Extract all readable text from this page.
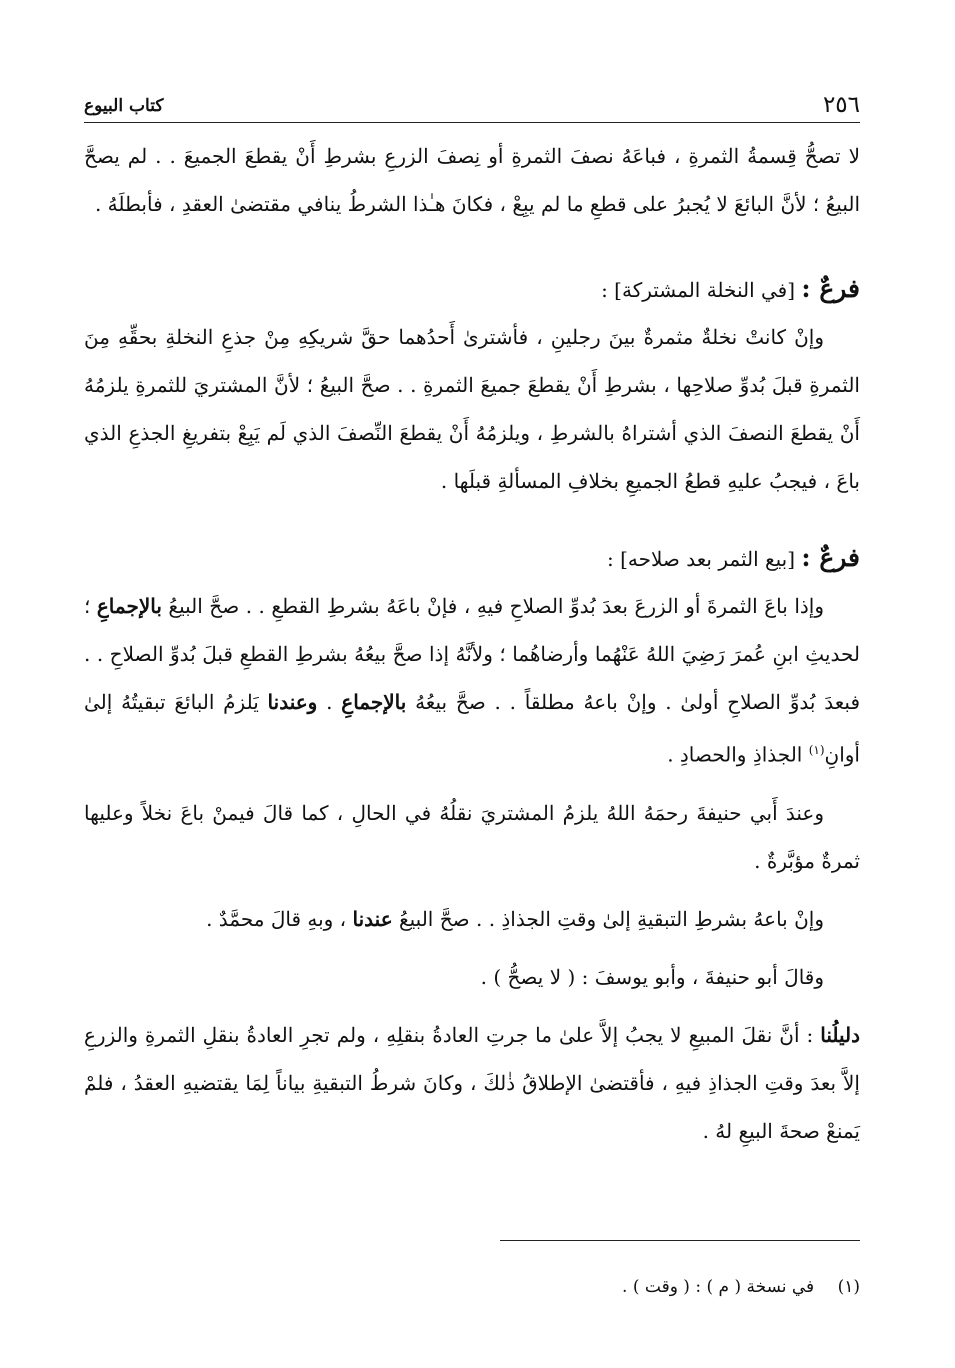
٢٥٦
كتاب البيوع

لا تصحُّ قِسمةُ الثمرةِ ، فباعَهُ نصفَ الثمرةِ أو نِصفَ الزرعِ بشرطِ أَنْ يقطعَ الجميعَ . . لم يصحَّ البيعُ ؛ لأنَّ البائعَ لا يُجبرُ على قطعِ ما لم يبِعْ ، فكانَ هـٰذا الشرطُ ينافي مقتضىٰ العقدِ ، فأبطلَهُ .

فرعٌ : [في النخلة المشتركة] :

وإنْ كانتْ نخلةٌ مثمرةٌ بينَ رجلينِ ، فأشترىٰ أَحدُهما حقَّ شريكِهِ مِنْ جذعِ النخلةِ بحقِّهِ مِنَ الثمرةِ قبلَ بُدوِّ صلاحِها ، بشرطِ أَنْ يقطعَ جميعَ الثمرةِ . . صحَّ البيعُ ؛ لأنَّ المشتريَ للثمرةِ يلزمُهُ أَنْ يقطعَ النصفَ الذي أشتراهُ بالشرطِ ، ويلزمُهُ أَنْ يقطعَ النِّصفَ الذي لَم يَبِعْ بتفريغِ الجذعِ الذي باعَ ، فيجبُ عليهِ قطعُ الجميعِ بخلافِ المسألةِ قبلَها .

فرعٌ : [بيع الثمر بعد صلاحه] :

وإذا باعَ الثمرةَ أو الزرعَ بعدَ بُدوِّ الصلاحِ فيهِ ، فإنْ باعَهُ بشرطِ القطعِ . . صحَّ البيعُ بالإجماعِ ؛ لحديثِ ابنِ عُمرَ رَضِيَ اللهُ عَنْهُما وأرضاهُما ؛ ولأنَّهُ إذا صحَّ بيعُهُ بشرطِ القطعِ قبلَ بُدوِّ الصلاحِ . . فبعدَ بُدوِّ الصلاحِ أولىٰ . وإنْ باعهُ مطلقاً . . صحَّ بيعُهُ بالإجماعِ . وعندنا يَلزمُ البائعَ تبقيتُهُ إلىٰ أوانِ$^{(١)}$ الجذاذِ والحصادِ .

وعندَ أَبي حنيفةَ رحمَهُ اللهُ يلزمُ المشتريَ نقلُهُ في الحالِ ، كما قالَ فيمنْ باعَ نخلاً وعليها ثمرةٌ مؤبَّرةٌ .

وإنْ باعهُ بشرطِ التبقيةِ إلىٰ وقتِ الجذاذِ . . صحَّ البيعُ عندنا ، وبهِ قالَ محمَّدٌ .

وقالَ أبو حنيفةَ ، وأبو يوسفَ : ( لا يصحُّ ) .

دليلُنا : أنَّ نقلَ المبيعِ لا يجبُ إلاَّ علىٰ ما جرتِ العادةُ بنقلِهِ ، ولم تجرِ العادةُ بنقلِ الثمرةِ والزرعِ إلاَّ بعدَ وقتِ الجذاذِ فيهِ ، فأقتضىٰ الإطلاقُ ذٰلكَ ، وكانَ شرطُ التبقيةِ بياناً لِمَا يقتضيهِ العقدُ ، فلمْ يَمنعْ صحةَ البيعِ لهُ .

(١) في نسخة ( م ) : ( وقت ) .
